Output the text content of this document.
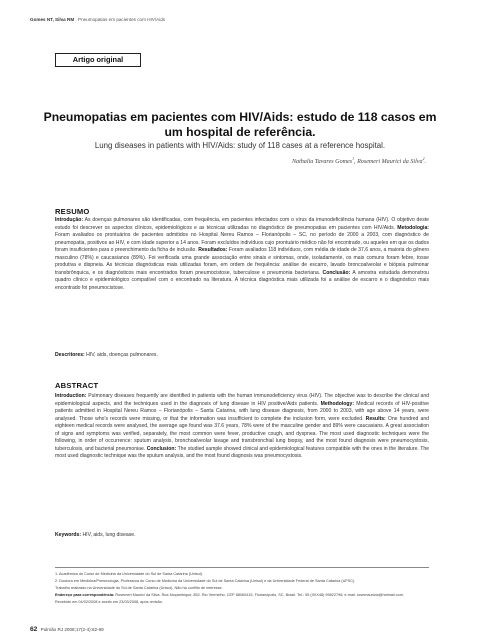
Gomes NT, Silva RM . Pneumopatias em pacientes com HIV/Aids
Artigo original
Pneumopatias em pacientes com HIV/Aids: estudo de 118 casos em um hospital de referência.
Lung diseases in patients with HIV/Aids: study of 118 cases at a reference hospital.
Nathalia Tavares Gomes$^1$, Rosemeri Maurici da Silva$^2$.
RESUMO
Introdução: As doenças pulmonares são identificadas, com frequência, em pacientes infectados com o vírus da imunodeficiência humana (HIV). O objetivo deste estudo foi descrever os aspectos clínicos, epidemiológicos e as técnicas utilizadas no diagnóstico de pneumopatias em pacientes com HIV/Aids. Metodologia: Foram avaliados os prontuários de pacientes admitidos no Hospital Nereu Ramos – Florianópolis – SC, no período de 2000 a 2003, com diagnóstico de pneumopatia, positivos ao HIV, e com idade superior a 14 anos. Foram excluídos indivíduos cujo prontuário médico não foi encontrado, ou aqueles em que os dados foram insuficientes para o preenchimento da ficha de inclusão. Resultados: Foram avaliados 118 indivíduos, com média de idade de 37,6 anos, a maioria do gênero masculino (78%) e caucasianos (89%). Foi verificada uma grande associação entre sinais e sintomas, onde, isoladamente, os mais comuns foram febre, tosse produtiva e dispneia. As técnicas diagnósticas mais utilizadas foram, em ordem de frequência: análise de escarro, lavado broncoalveolar e biópsia pulmonar transbrônquica, e os diagnósticos mais encontrados foram pneumocistose, tuberculose e pneumonia bacteriana. Conclusão: A amostra estudada demonstrou quadro clínico e epidemiológico compatível com o encontrado na literatura. A técnica diagnóstica mais utilizada foi a análise de escarro e o diagnóstico mais encontrado foi pneumocistose.
Descritores: HIV, aids, doenças pulmonares.
ABSTRACT
Introduction: Pulmonary diseases frequently are identified in patients with the human immunodeficiency virus (HIV). The objective was to describe the clinical and epidemiological aspects, and the techniques used in the diagnosis of lung disease in HIV positive/Aids patients. Methodology: Medical records of HIV-positive patients admitted in Hospital Nereu Ramos – Florianópolis – Santa Catarina, with lung disease diagnosis, from 2000 to 2003, with age above 14 years, were analysed. Those who's records were missing, or that the information was insufficient to complete the inclusion form, were excluded. Results: One hundred and eighteen medical records were analysed, the average age found was 37.6 years, 78% were of the masculine gender and 89% were caucasians. A great association of signs and symptoms was verified, separately, the most common were fever, productive cough, and dyspnea. The most used diagnostic techniques were the following, in order of occurrence: sputum analysis, bronchoalveolar lavage and transbronchial lung biopsy, and the most found diagnosis were pneumocystosis, tuberculosis, and bacterial pneumoniae. Conclusion: The studied sample showed clinical and epidemiological features compatible with the ones in the literature. The most used diagnostic technique was the sputum analysis, and the most found diagnosis was pneumocystosis.
Keywords: HIV, aids, lung disease.

1. Acadêmica do Curso de Medicina da Universidade do Sul de Santa Catarina (Unisul).

2. Doutora em Medicina/Pneumologia. Professora do Curso de Medicina da Universidade do Sul de Santa Catarina (Unisul) e da Universidade Federal de Santa Catarina (UFSC).

Trabalho realizado na Universidade do Sul de Santa Catarina (Unisul). Não há conflito de interesse.

Endereço para correspondência: Rosemeri Maurici da Silva. Rua Moçambique, 852. Rio Vermelho, CEP 88060415, Florianópolis, SC, Brasil. Tel.: 55 (0XX48) 99822796; e-mail: rosemauricia@hotmail.com.

Recebido em 04/02/2008 e aceito em 23/03/2008, após revisão.

62 Pulmão RJ 2008;17(2-4):62-69
